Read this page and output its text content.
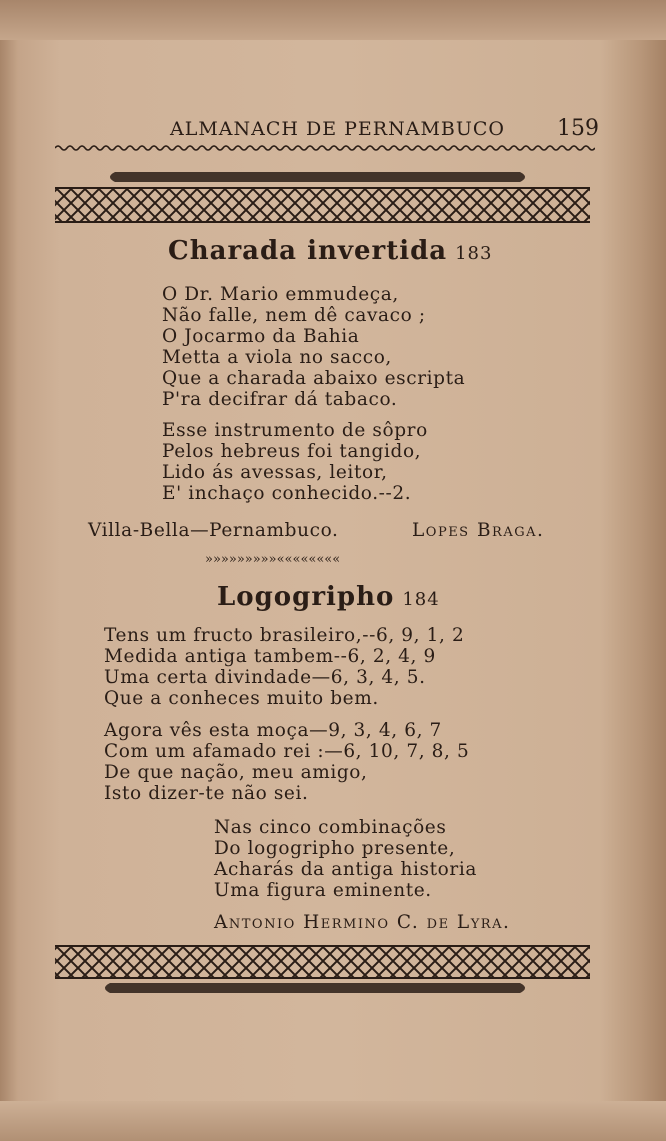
ALMANACH DE PERNAMBUCO 159
Charada invertida 183
O Dr. Mario emmudeça,
Não falle, nem dê cavaco ;
O Jocarmo da Bahia
Metta a viola no sacco,
Que a charada abaixo escripta
P'ra decifrar dá tabaco.
Esse instrumento de sôpro
Pelos hebreus foi tangido,
Lido ás avessas, leitor,
E' inchaço conhecido.--2.
Villa-Bella—Pernambuco.	Lopes Braga.
»»»»»»»»»««««««««
Logogripho 184
Tens um fructo brasileiro,--6, 9, 1, 2
Medida antiga tambem--6, 2, 4, 9
Uma certa divindade—6, 3, 4, 5.
Que a conheces muito bem.
Agora vês esta moça—9, 3, 4, 6, 7
Com um afamado rei :—6, 10, 7, 8, 5
De que nação, meu amigo,
Isto dizer-te não sei.
Nas cinco combinações
Do logogripho presente,
Acharás da antiga historia
Uma figura eminente.
Antonio Hermino C. de Lyra.
